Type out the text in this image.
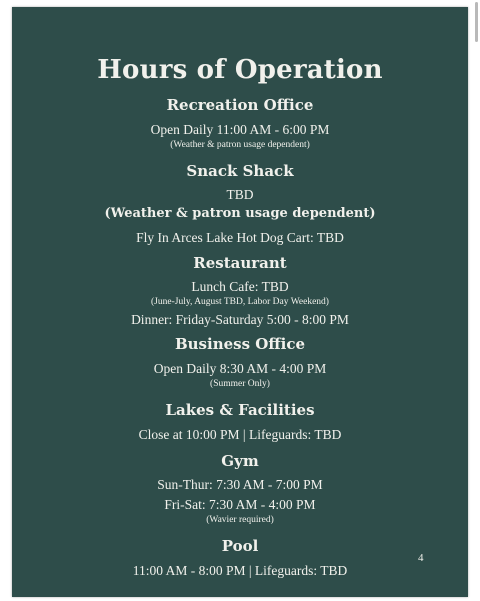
Hours of Operation
Recreation Office
Open Daily 11:00 AM - 6:00 PM
(Weather & patron usage dependent)
Snack Shack
TBD
(Weather & patron usage dependent)
Fly In Arces Lake Hot Dog Cart: TBD
Restaurant
Lunch Cafe: TBD
(June-July, August TBD, Labor Day Weekend)
Dinner: Friday-Saturday 5:00 - 8:00 PM
Business Office
Open Daily 8:30 AM - 4:00 PM
(Summer Only)
Lakes & Facilities
Close at 10:00 PM | Lifeguards: TBD
Gym
Sun-Thur: 7:30 AM - 7:00 PM
Fri-Sat: 7:30 AM - 4:00 PM
(Wavier required)
Pool
11:00 AM - 8:00 PM | Lifeguards: TBD
4
